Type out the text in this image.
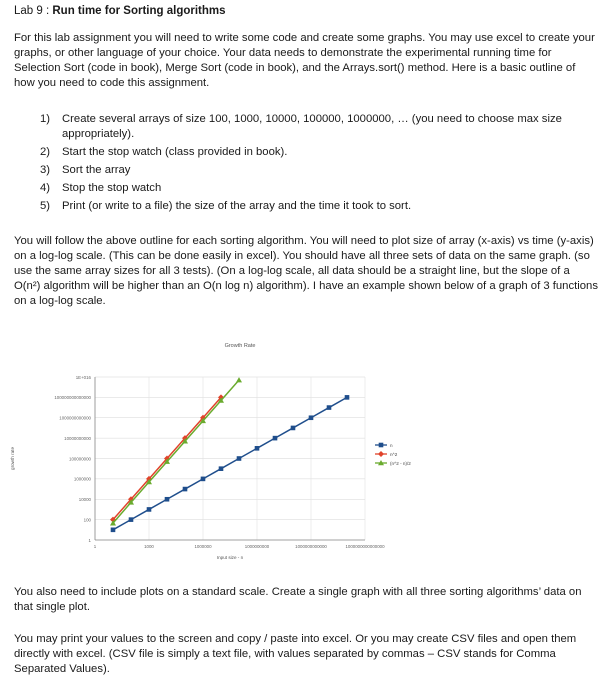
Lab 9 : Run time for Sorting algorithms

For this lab assignment you will need to write some code and create some graphs. You may use excel to create your graphs, or other language of your choice. Your data needs to demonstrate the experimental running time for Selection Sort (code in book), Merge Sort (code in book), and the Arrays.sort() method. Here is a basic outline of how you need to code this assignment.

1) Create several arrays of size 100, 1000, 10000, 100000, 1000000, … (you need to choose max size appropriately).
2) Start the stop watch (class provided in book).
3) Sort the array
4) Stop the stop watch
5) Print (or write to a file) the size of the array and the time it took to sort.

You will follow the above outline for each sorting algorithm. You will need to plot size of array (x-axis) vs time (y-axis) on a log-log scale. (This can be done easily in excel). You should have all three sets of data on the same graph. (so use the same array sizes for all 3 tests). (On a log-log scale, all data should be a straight line, but the slope of a O(n²) algorithm will be higher than an O(n log n) algorithm). I have an example shown below of a graph of 3 functions on a log-log scale.

Growth Rate
1
100
10000
1000000
100000000
10000000000
1000000000000
100000000000000
1E+016
1	1000	1000000	1000000000	1000000000000	1000000000000000
Input size - n
growth rate
n
n^2
(n^2 - n)/2

You also need to include plots on a standard scale. Create a single graph with all three sorting algorithms’ data on that single plot.

You may print your values to the screen and copy / paste into excel. Or you may create CSV files and open them directly with excel. (CSV file is simply a text file, with values separated by commas – CSV stands for Comma Separated Values).
